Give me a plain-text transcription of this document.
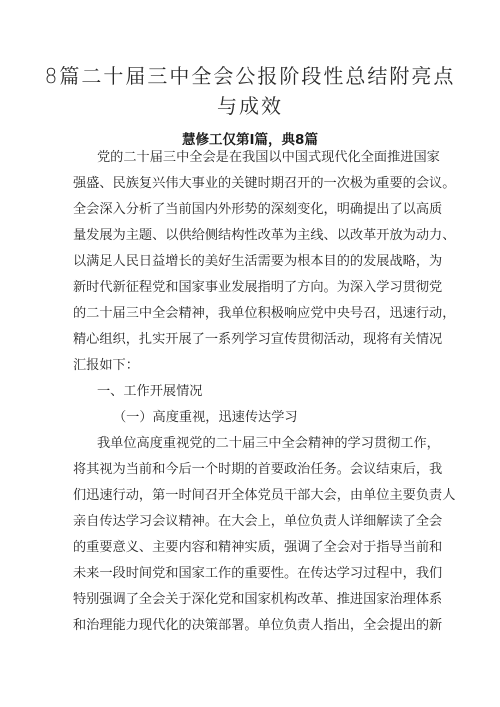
8篇二十届三中全会公报阶段性总结附亮点
与成效
慧修工仅第Ⅰ篇，典8篇
党的二十届三中全会是在我国以中国式现代化全面推进国家
强盛、民族复兴伟大事业的关键时期召开的一次极为重要的会议。
全会深入分析了当前国内外形势的深刻变化，明确提出了以高质
量发展为主题、以供给侧结构性改革为主线、以改革开放为动力、
以满足人民日益增长的美好生活需要为根本目的的发展战略，为
新时代新征程党和国家事业发展指明了方向。为深入学习贯彻党
的二十届三中全会精神，我单位积极响应党中央号召，迅速行动，
精心组织，扎实开展了一系列学习宣传贯彻活动，现将有关情况
汇报如下：
一、工作开展情况
（一）高度重视，迅速传达学习
我单位高度重视党的二十届三中全会精神的学习贯彻工作，
将其视为当前和今后一个时期的首要政治任务。会议结束后，我
们迅速行动，第一时间召开全体党员干部大会，由单位主要负责人
亲自传达学习会议精神。在大会上，单位负责人详细解读了全会
的重要意义、主要内容和精神实质，强调了全会对于指导当前和
未来一段时间党和国家工作的重要性。在传达学习过程中，我们
特别强调了全会关于深化党和国家机构改革、推进国家治理体系
和治理能力现代化的决策部署。单位负责人指出，全会提出的新
